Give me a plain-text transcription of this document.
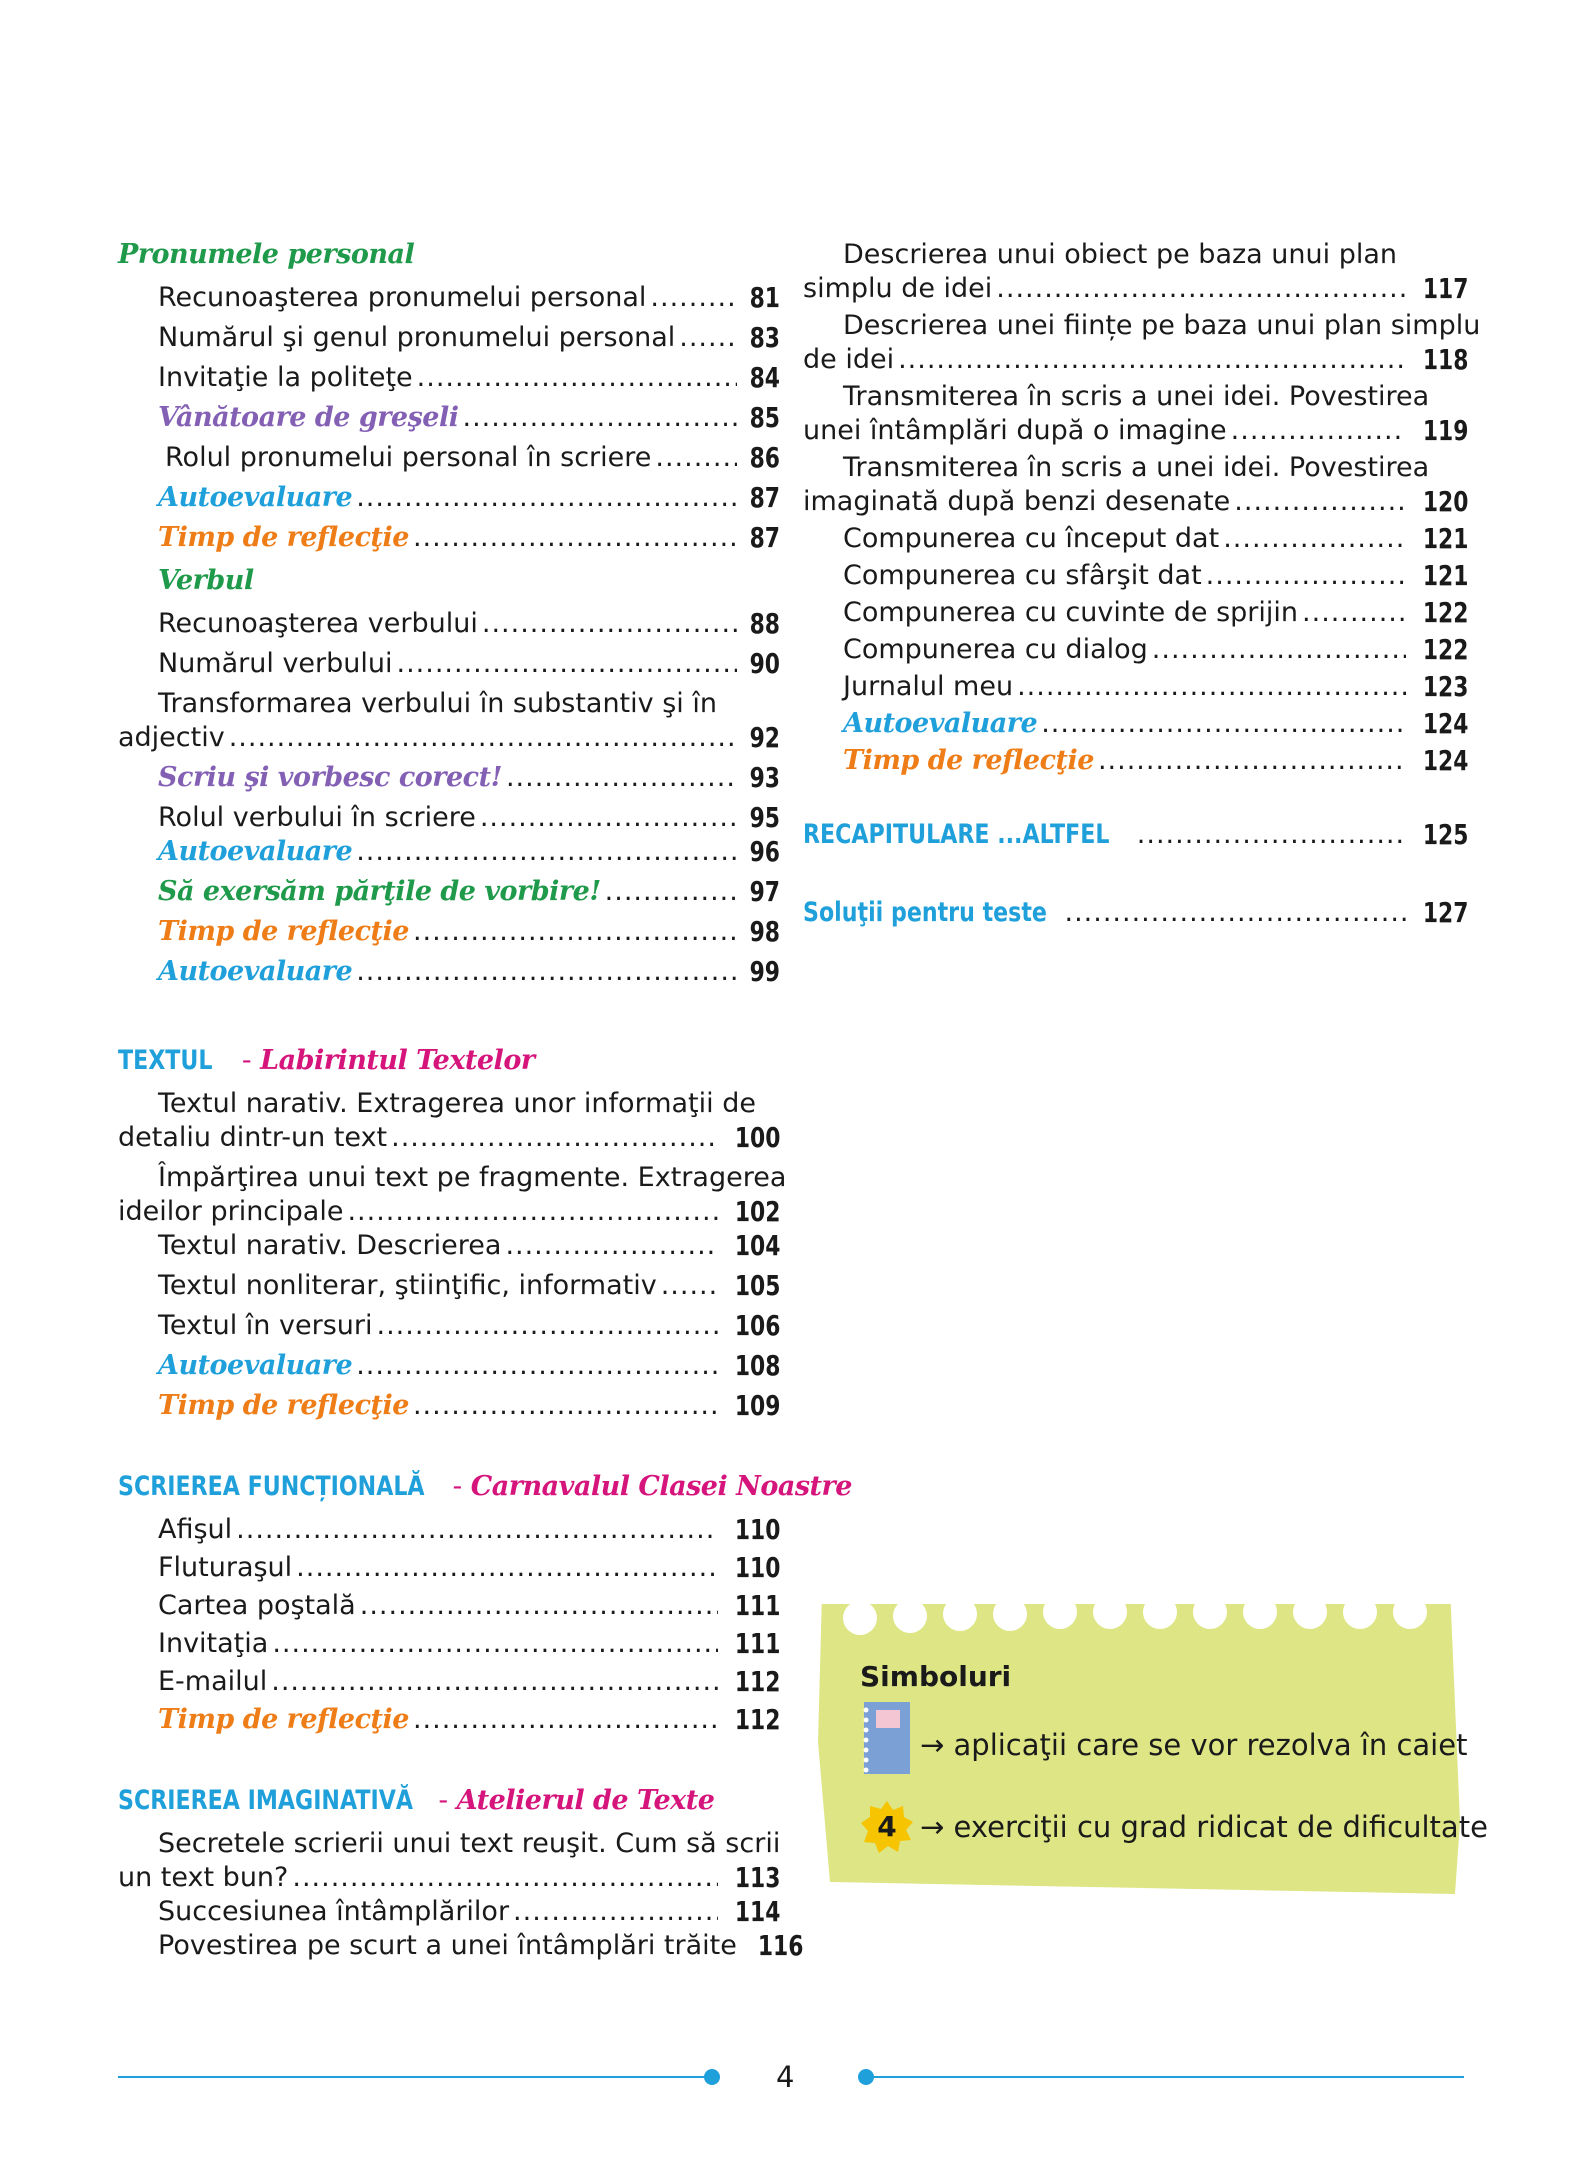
Pronumele personal
Recunoaşterea pronumelui personal .....	81
Numărul şi genul pronumelui personal .....	83
Invitaţie la politeţe .....	84
Vânătoare de greşeli .....	85
Rolul pronumelui personal în scriere .....	86
Autoevaluare .....	87
Timp de reflecţie .....	87
Verbul
Recunoaşterea verbului .....	88
Numărul verbului .....	90
Transformarea verbului în substantiv şi în
adjectiv .....	92
Scriu şi vorbesc corect! .....	93
Rolul verbului în scriere .....	95
Autoevaluare .....	96
Să exersăm părţile de vorbire! .....	97
Timp de reflecţie .....	98
Autoevaluare .....	99
TEXTUL - Labirintul Textelor
Textul narativ. Extragerea unor informaţii de
detaliu dintr-un text .....	100
Împărţirea unui text pe fragmente. Extragerea
ideilor principale .....	102
Textul narativ. Descrierea .....	104
Textul nonliterar, ştiinţific, informativ .....	105
Textul în versuri .....	106
Autoevaluare .....	108
Timp de reflecţie .....	109
SCRIEREA FUNCȚIONALĂ - Carnavalul Clasei Noastre
Afişul .....	110
Fluturaşul .....	110
Cartea poştală .....	111
Invitaţia .....	111
E-mailul .....	112
Timp de reflecţie .....	112
SCRIEREA IMAGINATIVĂ - Atelierul de Texte
Secretele scrierii unui text reuşit. Cum să scrii
un text bun? .....	113
Succesiunea întâmplărilor .....	114
Povestirea pe scurt a unei întâmplări trăite 116
Descrierea unui obiect pe baza unui plan
simplu de idei .....	117
Descrierea unei ființe pe baza unui plan simplu
de idei .....	118
Transmiterea în scris a unei idei. Povestirea
unei întâmplări după o imagine .....	119
Transmiterea în scris a unei idei. Povestirea
imaginată după benzi desenate .....	120
Compunerea cu început dat .....	121
Compunerea cu sfârşit dat .....	121
Compunerea cu cuvinte de sprijin .....	122
Compunerea cu dialog .....	122
Jurnalul meu .....	123
Autoevaluare .....	124
Timp de reflecţie .....	124
RECAPITULARE ...ALTFEL .....	125
Soluţii pentru teste .....	127
Simboluri
→ aplicaţii care se vor rezolva în caiet
4 → exerciţii cu grad ridicat de dificultate
4
